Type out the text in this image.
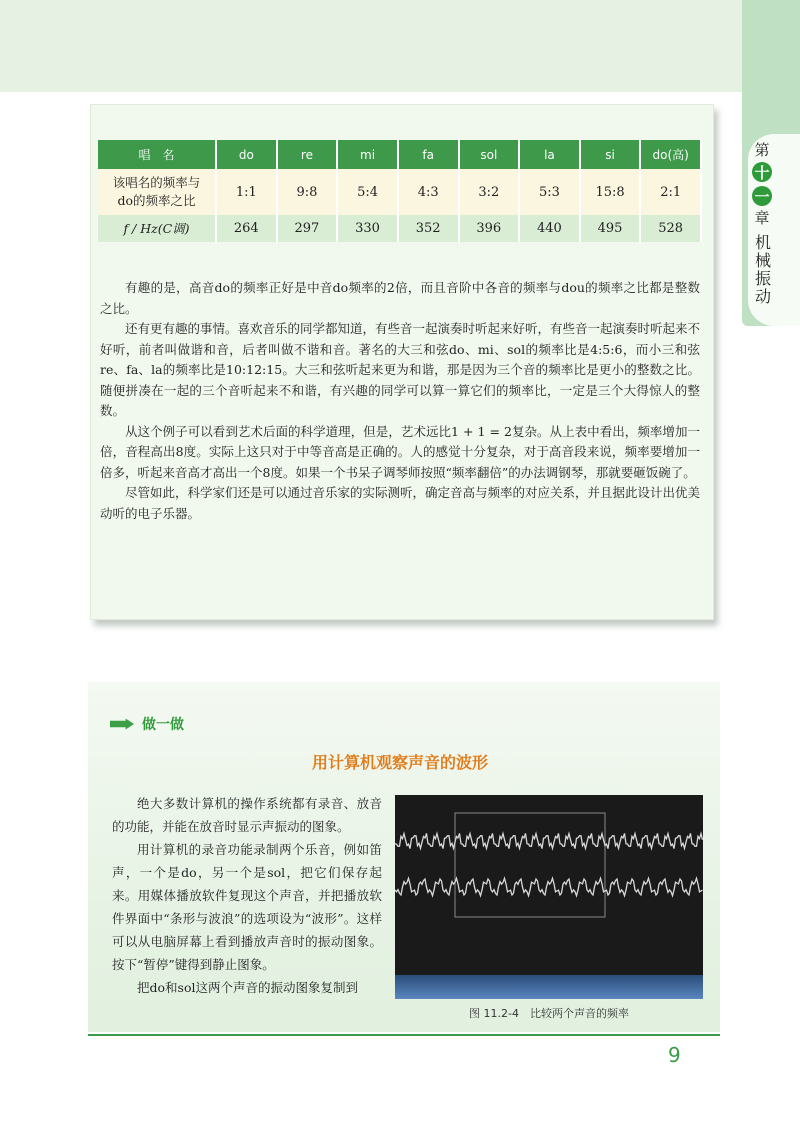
第
十
一
章
机械振动
唱　名	do	re	mi	fa	sol	la	si	do(高)
该唱名的频率与
do的频率之比	1:1	9:8	5:4	4:3	3:2	5:3	15:8	2:1
f / Hz(C调)	264	297	330	352	396	440	495	528

有趣的是，高音do的频率正好是中音do频率的2倍，而且音阶中各音的频率与dou的频率之比都是整数之比。

还有更有趣的事情。喜欢音乐的同学都知道，有些音一起演奏时听起来好听，有些音一起演奏时听起来不好听，前者叫做谐和音，后者叫做不谐和音。著名的大三和弦do、mi、sol的频率比是4:5:6，而小三和弦re、fa、la的频率比是10:12:15。大三和弦听起来更为和谐，那是因为三个音的频率比是更小的整数之比。随便拼凑在一起的三个音听起来不和谐，有兴趣的同学可以算一算它们的频率比，一定是三个大得惊人的整数。

从这个例子可以看到艺术后面的科学道理，但是，艺术远比1 + 1 = 2复杂。从上表中看出，频率增加一倍，音程高出8度。实际上这只对于中等音高是正确的。人的感觉十分复杂，对于高音段来说，频率要增加一倍多，听起来音高才高出一个8度。如果一个书呆子调琴师按照“频率翻倍”的办法调钢琴，那就要砸饭碗了。

尽管如此，科学家们还是可以通过音乐家的实际测听，确定音高与频率的对应关系，并且据此设计出优美动听的电子乐器。

做一做
用计算机观察声音的波形

绝大多数计算机的操作系统都有录音、放音的功能，并能在放音时显示声振动的图象。

用计算机的录音功能录制两个乐音，例如笛声，一个是do，另一个是sol，把它们保存起来。用媒体播放软件复现这个声音，并把播放软件界面中“条形与波浪”的选项设为“波形”。这样可以从电脑屏幕上看到播放声音时的振动图象。按下“暂停”键得到静止图象。

把do和sol这两个声音的振动图象复制到

图 11.2-4　比较两个声音的频率
9
